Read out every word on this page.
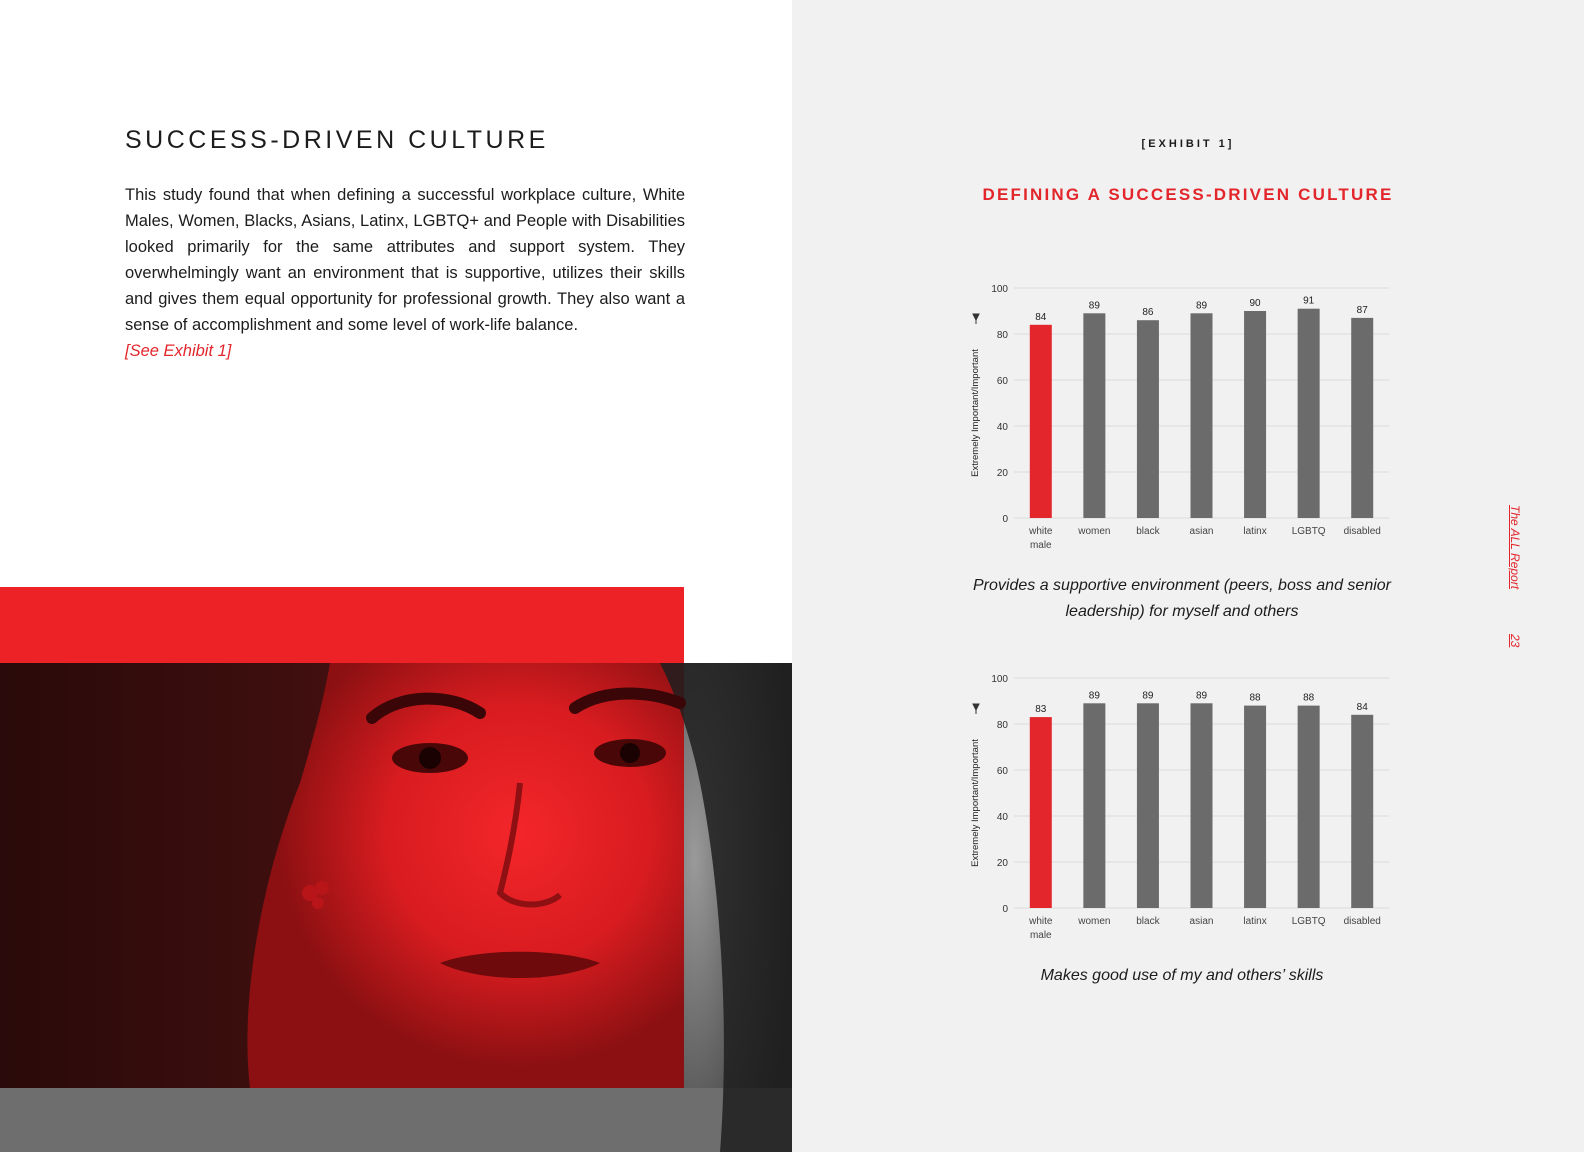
SUCCESS-DRIVEN CULTURE

This study found that when defining a successful workplace culture, White Males, Women, Blacks, Asians, Latinx, LGBTQ+ and People with Disabilities looked primarily for the same attributes and support system. They overwhelmingly want an environment that is supportive, utilizes their skills and gives them equal opportunity for professional growth. They also want a sense of accomplishment and some level of work-life balance.
[See Exhibit 1]

[EXHIBIT 1]
DEFINING A SUCCESS-DRIVEN CULTURE
0
20
40
60
80
100
Extremely Important/Important
84
white
male
89
women
86
black
89
asian
90
latinx
91
LGBTQ
87
disabled
Provides a supportive environment (peers, boss and senior leadership) for myself and others
0
20
40
60
80
100
Extremely Important/Important
83
white
male
89
women
89
black
89
asian
88
latinx
88
LGBTQ
84
disabled
Makes good use of my and others’ skills
The ALL Report
23
